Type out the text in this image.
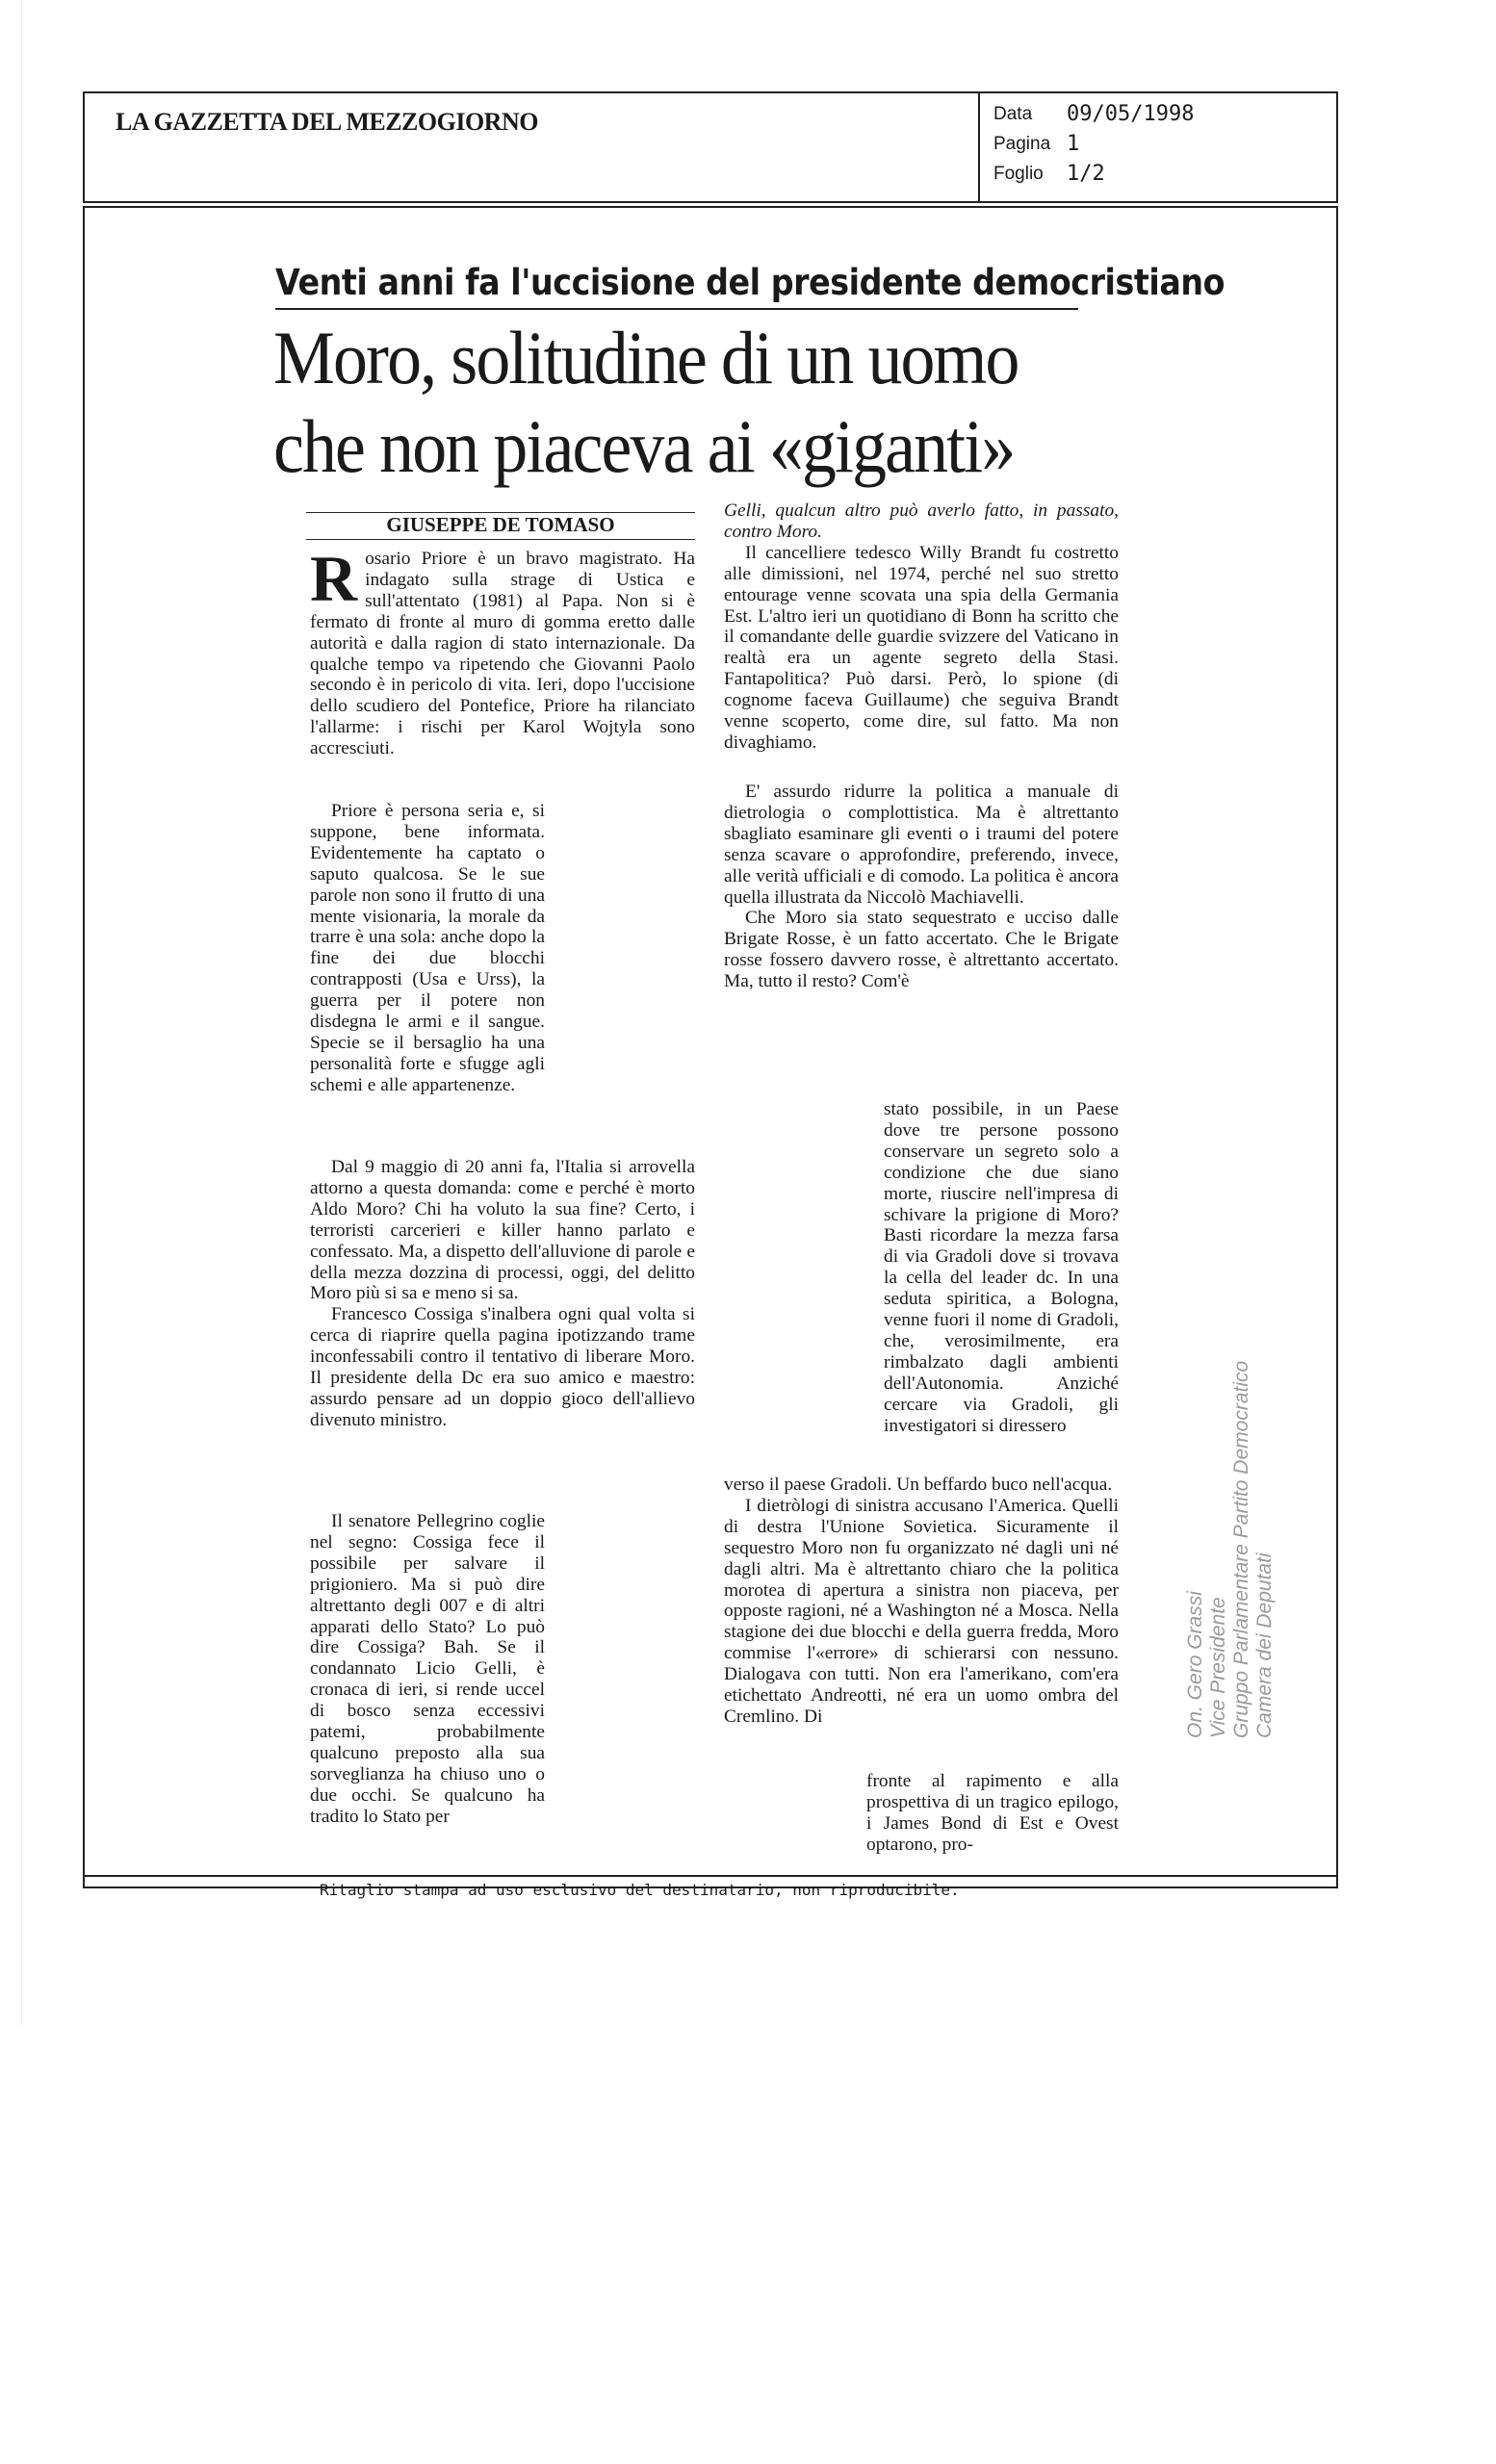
LA GAZZETTA DEL MEZZOGIORNO	Data	09/05/1998
Pagina 1
Foglio	1/2
Venti anni fa l'uccisione del presidente democristiano
Moro, solitudine di un uomo
che non piaceva ai «giganti»
GIUSEPPE DE TOMASO
R osario Priore è un bravo magistrato. Ha indagato sulla strage di Ustica e sull'attentato (1981) al Papa. Non si è fermato di fronte al muro di gomma eretto dalle autorità e dalla ragion di stato internazionale. Da qualche tempo va ripetendo che Giovanni Paolo secondo è in pericolo di vita. Ieri, dopo l'uccisione dello scudiero del Pontefice, Priore ha rilanciato l'allarme: i rischi per Karol Wojtyla sono accresciuti.

Priore è persona seria e, si suppone, bene informata. Evidentemente ha captato o saputo qualcosa. Se le sue parole non sono il frutto di una mente visionaria, la morale da trarre è una sola: anche dopo la fine dei due blocchi contrapposti (Usa e Urss), la guerra per il potere non disdegna le armi e il sangue. Specie se il bersaglio ha una personalità forte e sfugge agli schemi e alle appartenenze.

Dal 9 maggio di 20 anni fa, l'Italia si arrovella attorno a questa domanda: come e perché è morto Aldo Moro? Chi ha voluto la sua fine? Certo, i terroristi carcerieri e killer hanno parlato e confessato. Ma, a dispetto dell'alluvione di parole e della mezza dozzina di processi, oggi, del delitto Moro più si sa e meno si sa.

Francesco Cossiga s'inalbera ogni qual volta si cerca di riaprire quella pagina ipotizzando trame inconfessabili contro il tentativo di liberare Moro. Il presidente della Dc era suo amico e maestro: assurdo pensare ad un doppio gioco dell'allievo divenuto ministro.

Il senatore Pellegrino coglie nel segno: Cossiga fece il possibile per salvare il prigioniero. Ma si può dire altrettanto degli 007 e di altri apparati dello Stato? Lo può dire Cossiga? Bah. Se il condannato Licio Gelli, è cronaca di ieri, si rende uccel di bosco senza eccessivi patemi, probabilmente qualcuno preposto alla sua sorveglianza ha chiuso uno o due occhi. Se qualcuno ha tradito lo Stato per

Gelli, qualcun altro può averlo fatto, in passato, contro Moro.

Il cancelliere tedesco Willy Brandt fu costretto alle dimissioni, nel 1974, perché nel suo stretto entourage venne scovata una spia della Germania Est. L'altro ieri un quotidiano di Bonn ha scritto che il comandante delle guardie svizzere del Vaticano in realtà era un agente segreto della Stasi. Fantapolitica? Può darsi. Però, lo spione (di cognome faceva Guillaume) che seguiva Brandt venne scoperto, come dire, sul fatto. Ma non divaghiamo.

E' assurdo ridurre la politica a manuale di dietrologia o complottistica. Ma è altrettanto sbagliato esaminare gli eventi o i traumi del potere senza scavare o approfondire, preferendo, invece, alle verità ufficiali e di comodo. La politica è ancora quella illustrata da Niccolò Machiavelli.

Che Moro sia stato sequestrato e ucciso dalle Brigate Rosse, è un fatto accertato. Che le Brigate rosse fossero davvero rosse, è altrettanto accertato. Ma, tutto il resto? Com'è

stato possibile, in un Paese dove tre persone possono conservare un segreto solo a condizione che due siano morte, riuscire nell'impresa di schivare la prigione di Moro? Basti ricordare la mezza farsa di via Gradoli dove si trovava la cella del leader dc. In una seduta spiritica, a Bologna, venne fuori il nome di Gradoli, che, verosimilmente, era rimbalzato dagli ambienti dell'Autonomia. Anziché cercare via Gradoli, gli investigatori si diressero

verso il paese Gradoli. Un beffardo buco nell'acqua.

I dietròlogi di sinistra accusano l'America. Quelli di destra l'Unione Sovietica. Sicuramente il sequestro Moro non fu organizzato né dagli uni né dagli altri. Ma è altrettanto chiaro che la politica morotea di apertura a sinistra non piaceva, per opposte ragioni, né a Washington né a Mosca. Nella stagione dei due blocchi e della guerra fredda, Moro commise l'«errore» di schierarsi con nessuno. Dialogava con tutti. Non era l'amerikano, com'era etichettato Andreotti, né era un uomo ombra del Cremlino. Di

fronte al rapimento e alla prospettiva di un tragico epilogo, i James Bond di Est e Ovest optarono, pro-

Ritaglio stampa ad uso esclusivo del destinatario, non riproducibile.
On. Gero Grassi Vice Presidente Gruppo Parlamentare Partito Democratico Camera dei Deputati
